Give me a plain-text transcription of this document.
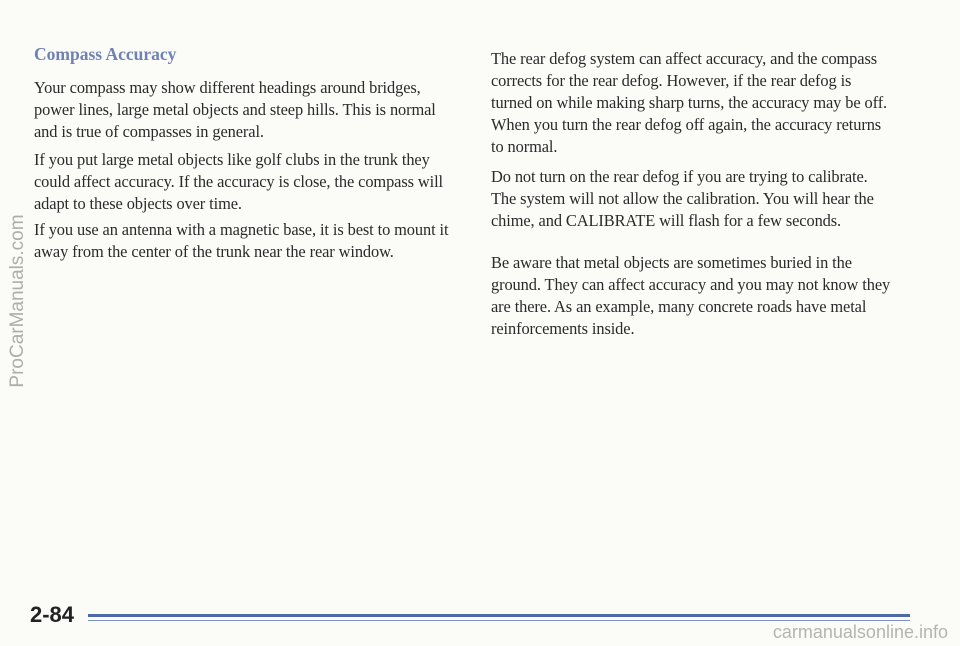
Compass Accuracy

Your compass may show different headings around bridges, power lines, large metal objects and steep hills. This is normal and is true of compasses in general.

If you put large metal objects like golf clubs in the trunk they could affect accuracy. If the accuracy is close, the compass will adapt to these objects over time.

If you use an antenna with a magnetic base, it is best to mount it away from the center of the trunk near the rear window.

The rear defog system can affect accuracy, and the compass corrects for the rear defog. However, if the rear defog is turned on while making sharp turns, the accuracy may be off. When you turn the rear defog off again, the accuracy returns to normal.

Do not turn on the rear defog if you are trying to calibrate. The system will not allow the calibration. You will hear the chime, and CALIBRATE will flash for a few seconds.

Be aware that metal objects are sometimes buried in the ground. They can affect accuracy and you may not know they are there. As an example, many concrete roads have metal reinforcements inside.

ProCarManuals.com
2-84
carmanualsonline.info
